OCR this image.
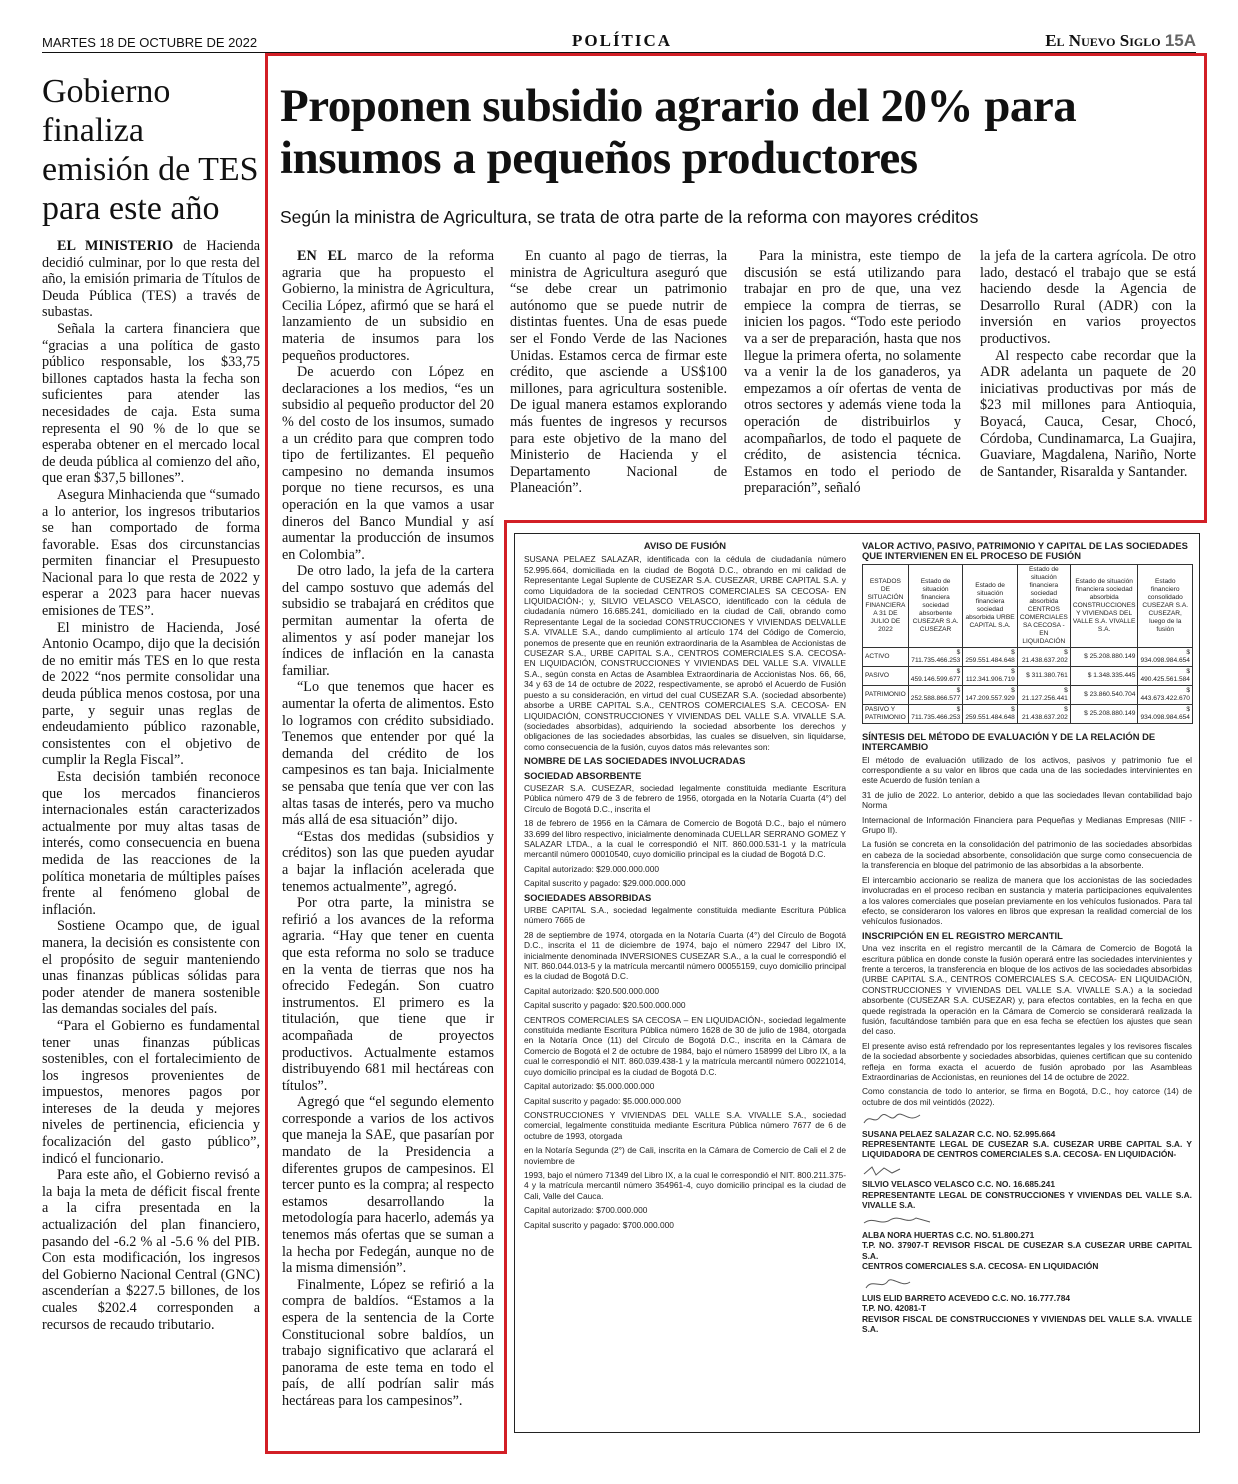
MARTES 18 DE OCTUBRE DE 2022	POLÍTICA	El Nuevo Siglo 15A
Gobierno finaliza emisión de TES para este año

EL MINISTERIO de Hacienda decidió culminar, por lo que resta del año, la emisión primaria de Títulos de Deuda Pública (TES) a través de subastas.

Señala la cartera financiera que “gracias a una política de gasto público responsable, los $33,75 billones captados hasta la fecha son suficientes para atender las necesidades de caja. Esta suma representa el 90 % de lo que se esperaba obtener en el mercado local de deuda pública al comienzo del año, que eran $37,5 billones”.

Asegura Minhacienda que “sumado a lo anterior, los ingresos tributarios se han comportado de forma favorable. Esas dos circunstancias permiten financiar el Presupuesto Nacional para lo que resta de 2022 y esperar a 2023 para hacer nuevas emisiones de TES”.

El ministro de Hacienda, José Antonio Ocampo, dijo que la decisión de no emitir más TES en lo que resta de 2022 “nos permite consolidar una deuda pública menos costosa, por una parte, y seguir unas reglas de endeudamiento público razonable, consistentes con el objetivo de cumplir la Regla Fiscal”.

Esta decisión también reconoce que los mercados financieros internacionales están caracterizados actualmente por muy altas tasas de interés, como consecuencia en buena medida de las reacciones de la política monetaria de múltiples países frente al fenómeno global de inflación.

Sostiene Ocampo que, de igual manera, la decisión es consistente con el propósito de seguir manteniendo unas finanzas públicas sólidas para poder atender de manera sostenible las demandas sociales del país.

“Para el Gobierno es fundamental tener unas finanzas públicas sostenibles, con el fortalecimiento de los ingresos provenientes de impuestos, menores pagos por intereses de la deuda y mejores niveles de pertinencia, eficiencia y focalización del gasto público”, indicó el funcionario.

Para este año, el Gobierno revisó a la baja la meta de déficit fiscal frente a la cifra presentada en la actualización del plan financiero, pasando del -6.2 % al -5.6 % del PIB. Con esta modificación, los ingresos del Gobierno Nacional Central (GNC) ascenderían a $227.5 billones, de los cuales $202.4 corresponden a recursos de recaudo tributario.

Proponen subsidio agrario del 20% para insumos a pequeños productores
Según la ministra de Agricultura, se trata de otra parte de la reforma con mayores créditos

EN EL marco de la reforma agraria que ha propuesto el Gobierno, la ministra de Agricultura, Cecilia López, afirmó que se hará el lanzamiento de un subsidio en materia de insumos para los pequeños productores.

De acuerdo con López en declaraciones a los medios, “es un subsidio al pequeño productor del 20 % del costo de los insumos, sumado a un crédito para que compren todo tipo de fertilizantes. El pequeño campesino no demanda insumos porque no tiene recursos, es una operación en la que vamos a usar dineros del Banco Mundial y así aumentar la producción de insumos en Colombia”.

De otro lado, la jefa de la cartera del campo sostuvo que además del subsidio se trabajará en créditos que permitan aumentar la oferta de alimentos y así poder manejar los índices de inflación en la canasta familiar.

“Lo que tenemos que hacer es aumentar la oferta de alimentos. Esto lo logramos con crédito subsidiado. Tenemos que entender por qué la demanda del crédito de los campesinos es tan baja. Inicialmente se pensaba que tenía que ver con las altas tasas de interés, pero va mucho más allá de esa situación” dijo.

“Estas dos medidas (subsidios y créditos) son las que pueden ayudar a bajar la inflación acelerada que tenemos actualmente”, agregó.

Por otra parte, la ministra se refirió a los avances de la reforma agraria. “Hay que tener en cuenta que esta reforma no solo se traduce en la venta de tierras que nos ha ofrecido Fedegán. Son cuatro instrumentos. El primero es la titulación, que tiene que ir acompañada de proyectos productivos. Actualmente estamos distribuyendo 681 mil hectáreas con títulos”.

Agregó que “el segundo elemento corresponde a varios de los activos que maneja la SAE, que pasarían por mandato de la Presidencia a diferentes grupos de campesinos. El tercer punto es la compra; al respecto estamos desarrollando la metodología para hacerlo, además ya tenemos más ofertas que se suman a la hecha por Fedegán, aunque no de la misma dimensión”.

Finalmente, López se refirió a la compra de baldíos. “Estamos a la espera de la sentencia de la Corte Constitucional sobre baldíos, un trabajo significativo que aclarará el panorama de este tema en todo el país, de allí podrían salir más hectáreas para los campesinos”.

En cuanto al pago de tierras, la ministra de Agricultura aseguró que “se debe crear un patrimonio autónomo que se puede nutrir de distintas fuentes. Una de esas puede ser el Fondo Verde de las Naciones Unidas. Estamos cerca de firmar este crédito, que asciende a US$100 millones, para agricultura sostenible. De igual manera estamos explorando más fuentes de ingresos y recursos para este objetivo de la mano del Ministerio de Hacienda y el Departamento Nacional de Planeación”.

Para la ministra, este tiempo de discusión se está utilizando para trabajar en pro de que, una vez empiece la compra de tierras, se inicien los pagos. “Todo este periodo va a ser de preparación, hasta que nos llegue la primera oferta, no solamente va a venir la de los ganaderos, ya empezamos a oír ofertas de venta de otros sectores y además viene toda la operación de distribuirlos y acompañarlos, de todo el paquete de crédito, de asistencia técnica. Estamos en todo el periodo de preparación”, señaló

la jefa de la cartera agrícola. De otro lado, destacó el trabajo que se está haciendo desde la Agencia de Desarrollo Rural (ADR) con la inversión en varios proyectos productivos.

Al respecto cabe recordar que la ADR adelanta un paquete de 20 iniciativas productivas por más de $23 mil millones para Antioquia, Boyacá, Cauca, Cesar, Chocó, Córdoba, Cundinamarca, La Guajira, Guaviare, Magdalena, Nariño, Norte de Santander, Risaralda y Santander.

AVISO DE FUSIÓN

SUSANA PELAEZ SALAZAR, identificada con la cédula de ciudadanía número 52.995.664, domiciliada en la ciudad de Bogotá D.C., obrando en mi calidad de Representante Legal Suplente de CUSEZAR S.A. CUSEZAR, URBE CAPITAL S.A. y como Liquidadora de la sociedad CENTROS COMERCIALES SA CECOSA- EN LIQUIDACIÓN-; y, SILVIO VELASCO VELASCO, identificado con la cédula de ciudadanía número 16.685.241, domiciliado en la ciudad de Cali, obrando como Representante Legal de la sociedad CONSTRUCCIONES Y VIVIENDAS DELVALLE S.A. VIVALLE S.A., dando cumplimiento al artículo 174 del Código de Comercio, ponemos de presente que en reunión extraordinaria de la Asamblea de Accionistas de CUSEZAR S.A., URBE CAPITAL S.A., CENTROS COMERCIALES S.A. CECOSA- EN LIQUIDACIÓN, CONSTRUCCIONES Y VIVIENDAS DEL VALLE S.A. VIVALLE S.A., según consta en Actas de Asamblea Extraordinaria de Accionistas Nos. 66, 66, 34 y 63 de 14 de octubre de 2022, respectivamente, se aprobó el Acuerdo de Fusión puesto a su consideración, en virtud del cual CUSEZAR S.A. (sociedad absorbente) absorbe a URBE CAPITAL S.A., CENTROS COMERCIALES S.A. CECOSA- EN LIQUIDACIÓN, CONSTRUCCIONES Y VIVIENDAS DEL VALLE S.A. VIVALLE S.A. (sociedades absorbidas), adquiriendo la sociedad absorbente los derechos y obligaciones de las sociedades absorbidas, las cuales se disuelven, sin liquidarse, como consecuencia de la fusión, cuyos datos más relevantes son:

NOMBRE DE LAS SOCIEDADES INVOLUCRADAS
SOCIEDAD ABSORBENTE

CUSEZAR S.A. CUSEZAR, sociedad legalmente constituida mediante Escritura Pública número 479 de 3 de febrero de 1956, otorgada en la Notaría Cuarta (4°) del Círculo de Bogotá D.C., inscrita el

18 de febrero de 1956 en la Cámara de Comercio de Bogotá D.C., bajo el número 33.699 del libro respectivo, inicialmente denominada CUELLAR SERRANO GOMEZ Y SALAZAR LTDA., a la cual le correspondió el NIT. 860.000.531-1 y la matrícula mercantil número 00010540, cuyo domicilio principal es la ciudad de Bogotá D.C.

Capital autorizado: $29.000.000.000

Capital suscrito y pagado: $29.000.000.000

SOCIEDADES ABSORBIDAS

URBE CAPITAL S.A., sociedad legalmente constituida mediante Escritura Pública número 7665 de

28 de septiembre de 1974, otorgada en la Notaría Cuarta (4°) del Círculo de Bogotá D.C., inscrita el 11 de diciembre de 1974, bajo el número 22947 del Libro IX, inicialmente denominada INVERSIONES CUSEZAR S.A., a la cual le correspondió el NIT. 860.044.013-5 y la matrícula mercantil número 00055159, cuyo domicilio principal es la ciudad de Bogotá D.C.

Capital autorizado: $20.500.000.000

Capital suscrito y pagado: $20.500.000.000

CENTROS COMERCIALES SA CECOSA – EN LIQUIDACIÓN-, sociedad legalmente constituida mediante Escritura Pública número 1628 de 30 de julio de 1984, otorgada en la Notaría Once (11) del Círculo de Bogotá D.C., inscrita en la Cámara de Comercio de Bogotá el 2 de octubre de 1984, bajo el número 158999 del Libro IX, a la cual le correspondió el NIT. 860.039.438-1 y la matrícula mercantil número 00221014, cuyo domicilio principal es la ciudad de Bogotá D.C.

Capital autorizado: $5.000.000.000

Capital suscrito y pagado: $5.000.000.000

CONSTRUCCIONES Y VIVIENDAS DEL VALLE S.A. VIVALLE S.A., sociedad comercial, legalmente constituida mediante Escritura Pública número 7677 de 6 de octubre de 1993, otorgada

en la Notaría Segunda (2°) de Cali, inscrita en la Cámara de Comercio de Cali el 2 de noviembre de

1993, bajo el número 71349 del Libro IX, a la cual le correspondió el NIT. 800.211.375-4 y la matrícula mercantil número 354961-4, cuyo domicilio principal es la ciudad de Cali, Valle del Cauca.

Capital autorizado: $700.000.000

Capital suscrito y pagado: $700.000.000

VALOR ACTIVO, PASIVO, PATRIMONIO Y CAPITAL DE LAS SOCIEDADES QUE INTERVIENEN EN EL PROCESO DE FUSIÓN
ESTADOS DE SITUACIÓN FINANCIERA A 31 DE JULIO DE 2022	Estado de situación financiera sociedad absorbente CUSEZAR S.A. CUSEZAR	Estado de situación financiera sociedad absorbida URBE CAPITAL S.A.	Estado de situación financiera sociedad absorbida CENTROS COMERCIALES SA CECOSA - EN LIQUIDACIÓN	Estado de situación financiera sociedad absorbida CONSTRUCCIONES Y VIVIENDAS DEL VALLE S.A. VIVALLE S.A.	Estado financiero consolidado CUSEZAR S.A. CUSEZAR, luego de la fusión
ACTIVO	$ 711.735.466.253	$ 259.551.484.648	$ 21.438.637.202	$ 25.208.880.149	$ 934.098.984.654
PASIVO	$ 459.146.599.677	$ 112.341.906.719	$ 311.380.761	$ 1.348.335.445	$ 490.425.561.584
PATRIMONIO	$ 252.588.866.577	$ 147.209.557.929	$ 21.127.256.441	$ 23.860.540.704	$ 443.673.422.670
PASIVO Y PATRIMONIO	$ 711.735.466.253	$ 259.551.484.648	$ 21.438.637.202	$ 25.208.880.149	$ 934.098.984.654
SÍNTESIS DEL MÉTODO DE EVALUACIÓN Y DE LA RELACIÓN DE INTERCAMBIO

El método de evaluación utilizado de los activos, pasivos y patrimonio fue el correspondiente a su valor en libros que cada una de las sociedades intervinientes en este Acuerdo de fusión tenían a

31 de julio de 2022. Lo anterior, debido a que las sociedades llevan contabilidad bajo Norma

Internacional de Información Financiera para Pequeñas y Medianas Empresas (NIIF - Grupo II).

La fusión se concreta en la consolidación del patrimonio de las sociedades absorbidas en cabeza de la sociedad absorbente, consolidación que surge como consecuencia de la transferencia en bloque del patrimonio de las absorbidas a la absorbente.

El intercambio accionario se realiza de manera que los accionistas de las sociedades involucradas en el proceso reciban en sustancia y materia participaciones equivalentes a los valores comerciales que poseían previamente en los vehículos fusionados. Para tal efecto, se consideraron los valores en libros que expresan la realidad comercial de los vehículos fusionados.

INSCRIPCIÓN EN EL REGISTRO MERCANTIL

Una vez inscrita en el registro mercantil de la Cámara de Comercio de Bogotá la escritura pública en donde conste la fusión operará entre las sociedades intervinientes y frente a terceros, la transferencia en bloque de los activos de las sociedades absorbidas (URBE CAPITAL S.A., CENTROS COMERCIALES S.A. CECOSA- EN LIQUIDACIÓN, CONSTRUCCIONES Y VIVIENDAS DEL VALLE S.A. VIVALLE S.A.) a la sociedad absorbente (CUSEZAR S.A. CUSEZAR) y, para efectos contables, en la fecha en que quede registrada la operación en la Cámara de Comercio se considerará realizada la fusión, facultándose también para que en esa fecha se efectúen los ajustes que sean del caso.

El presente aviso está refrendado por los representantes legales y los revisores fiscales de la sociedad absorbente y sociedades absorbidas, quienes certifican que su contenido refleja en forma exacta el acuerdo de fusión aprobado por las Asambleas Extraordinarias de Accionistas, en reuniones del 14 de octubre de 2022.

Como constancia de todo lo anterior, se firma en Bogotá, D.C., hoy catorce (14) de octubre de dos mil veintidós (2022).

SUSANA PELAEZ SALAZAR C.C. NO. 52.995.664
REPRESENTANTE LEGAL DE CUSEZAR S.A. CUSEZAR URBE CAPITAL S.A. Y LIQUIDADORA DE CENTROS COMERCIALES S.A. CECOSA- EN LIQUIDACIÓN-

SILVIO VELASCO VELASCO C.C. NO. 16.685.241
REPRESENTANTE LEGAL DE CONSTRUCCIONES Y VIVIENDAS DEL VALLE S.A. VIVALLE S.A.

ALBA NORA HUERTAS C.C. NO. 51.800.271
T.P. NO. 37907-T REVISOR FISCAL DE CUSEZAR S.A CUSEZAR URBE CAPITAL S.A.
CENTROS COMERCIALES S.A. CECOSA- EN LIQUIDACIÓN

LUIS ELID BARRETO ACEVEDO C.C. NO. 16.777.784
T.P. NO. 42081-T
REVISOR FISCAL DE CONSTRUCCIONES Y VIVIENDAS DEL VALLE S.A. VIVALLE S.A.
